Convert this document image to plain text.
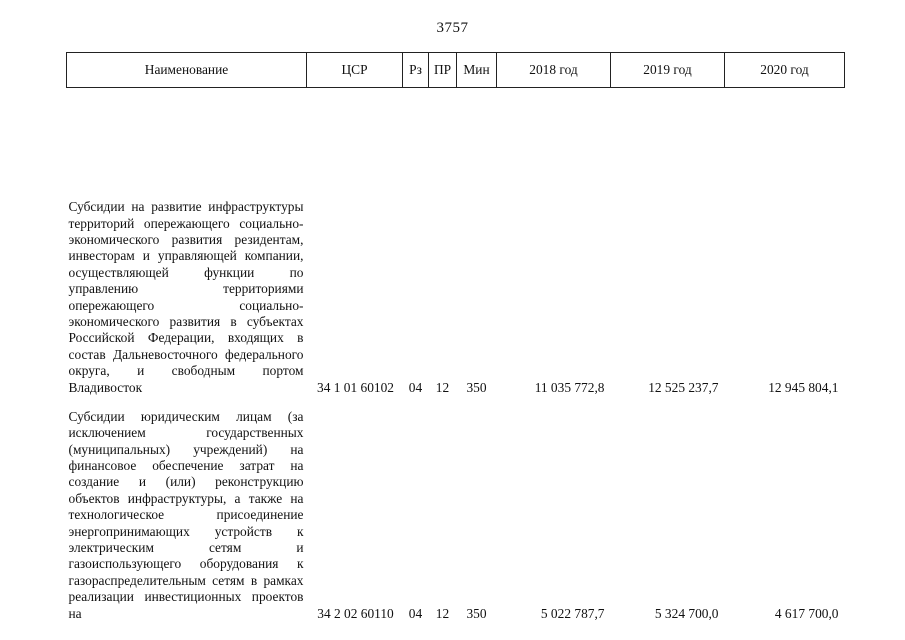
3757
Наименование	ЦСР	Рз	ПР	Мин	2018 год	2019 год	2020 год
Субсидии на развитие инфраструктуры территорий опережающего социально-экономического развития резидентам, инвесторам и управляющей компании, осуществляющей функции по управлению территориями опережающего социально-экономического развития в субъектах Российской Федерации, входящих в состав Дальневосточного федерального округа, и свободным портом Владивосток	34 1 01 60102	04	12	350	11 035 772,8	12 525 237,7	12 945 804,1

Субсидии юридическим лицам (за исключением государственных (муниципальных) учреждений) на финансовое обеспечение затрат на создание и (или) реконструкцию объектов инфраструктуры, а также на технологическое присоединение энергопринимающих устройств к электрическим сетям и газоиспользующего оборудования к газораспределительным сетям в рамках реализации инвестиционных проектов на	34 2 02 60110	04	12	350	5 022 787,7	5 324 700,0	4 617 700,0
